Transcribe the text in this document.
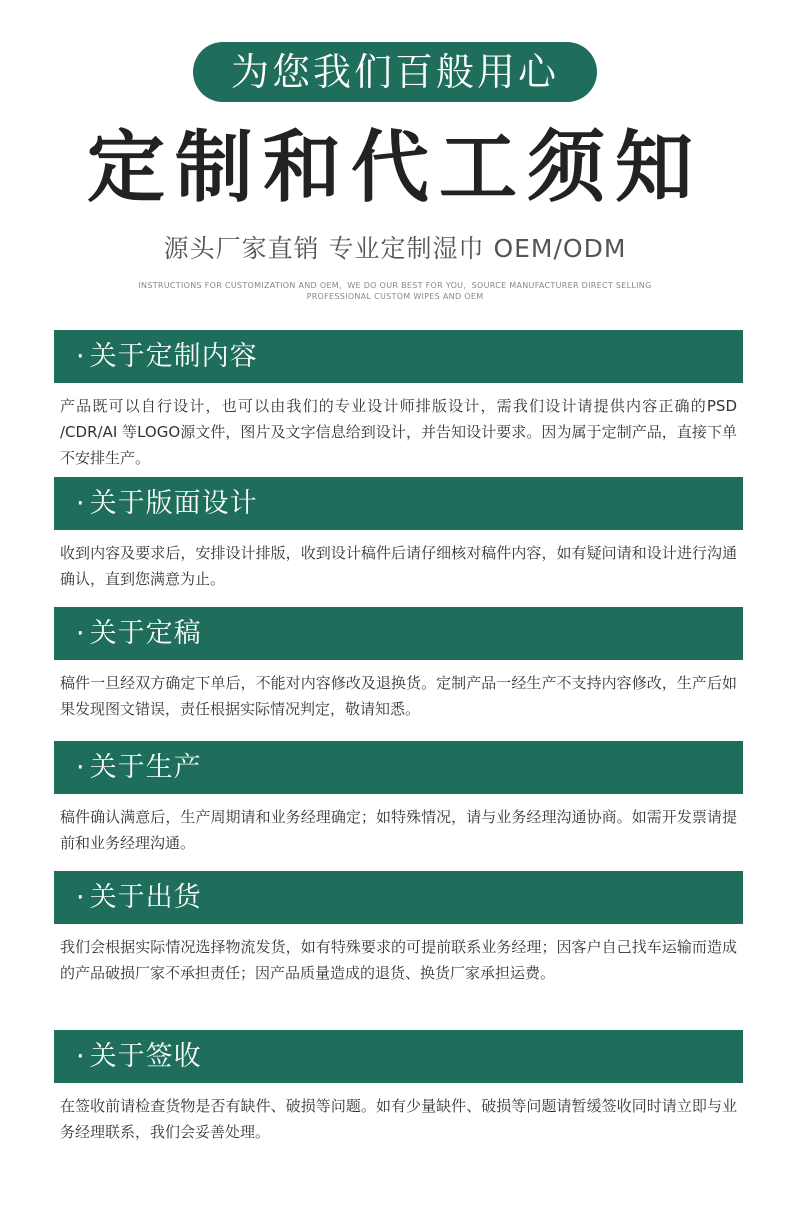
为您我们百般用心
定制和代工须知
源头厂家直销 专业定制湿巾 OEM/ODM
INSTRUCTIONS FOR CUSTOMIZATION AND OEM，WE DO OUR BEST FOR YOU，SOURCE MANUFACTURER DIRECT SELLING PROFESSIONAL CUSTOM WIPES AND OEM
· 关于定制内容
产品既可以自行设计，也可以由我们的专业设计师排版设计，需我们设计请提供内容正确的PSD /CDR/AI 等LOGO源文件，图片及文字信息给到设计，并告知设计要求。因为属于定制产品，直接下单不安排生产。
· 关于版面设计
收到内容及要求后，安排设计排版，收到设计稿件后请仔细核对稿件内容，如有疑问请和设计进行沟通确认，直到您满意为止。
· 关于定稿
稿件一旦经双方确定下单后，不能对内容修改及退换货。定制产品一经生产不支持内容修改，生产后如果发现图文错误，责任根据实际情况判定，敬请知悉。
· 关于生产
稿件确认满意后，生产周期请和业务经理确定；如特殊情况，请与业务经理沟通协商。如需开发票请提前和业务经理沟通。
· 关于出货
我们会根据实际情况选择物流发货，如有特殊要求的可提前联系业务经理；因客户自己找车运输而造成的产品破损厂家不承担责任；因产品质量造成的退货、换货厂家承担运费。
· 关于签收
在签收前请检查货物是否有缺件、破损等问题。如有少量缺件、破损等问题请暂缓签收同时请立即与业务经理联系，我们会妥善处理。
